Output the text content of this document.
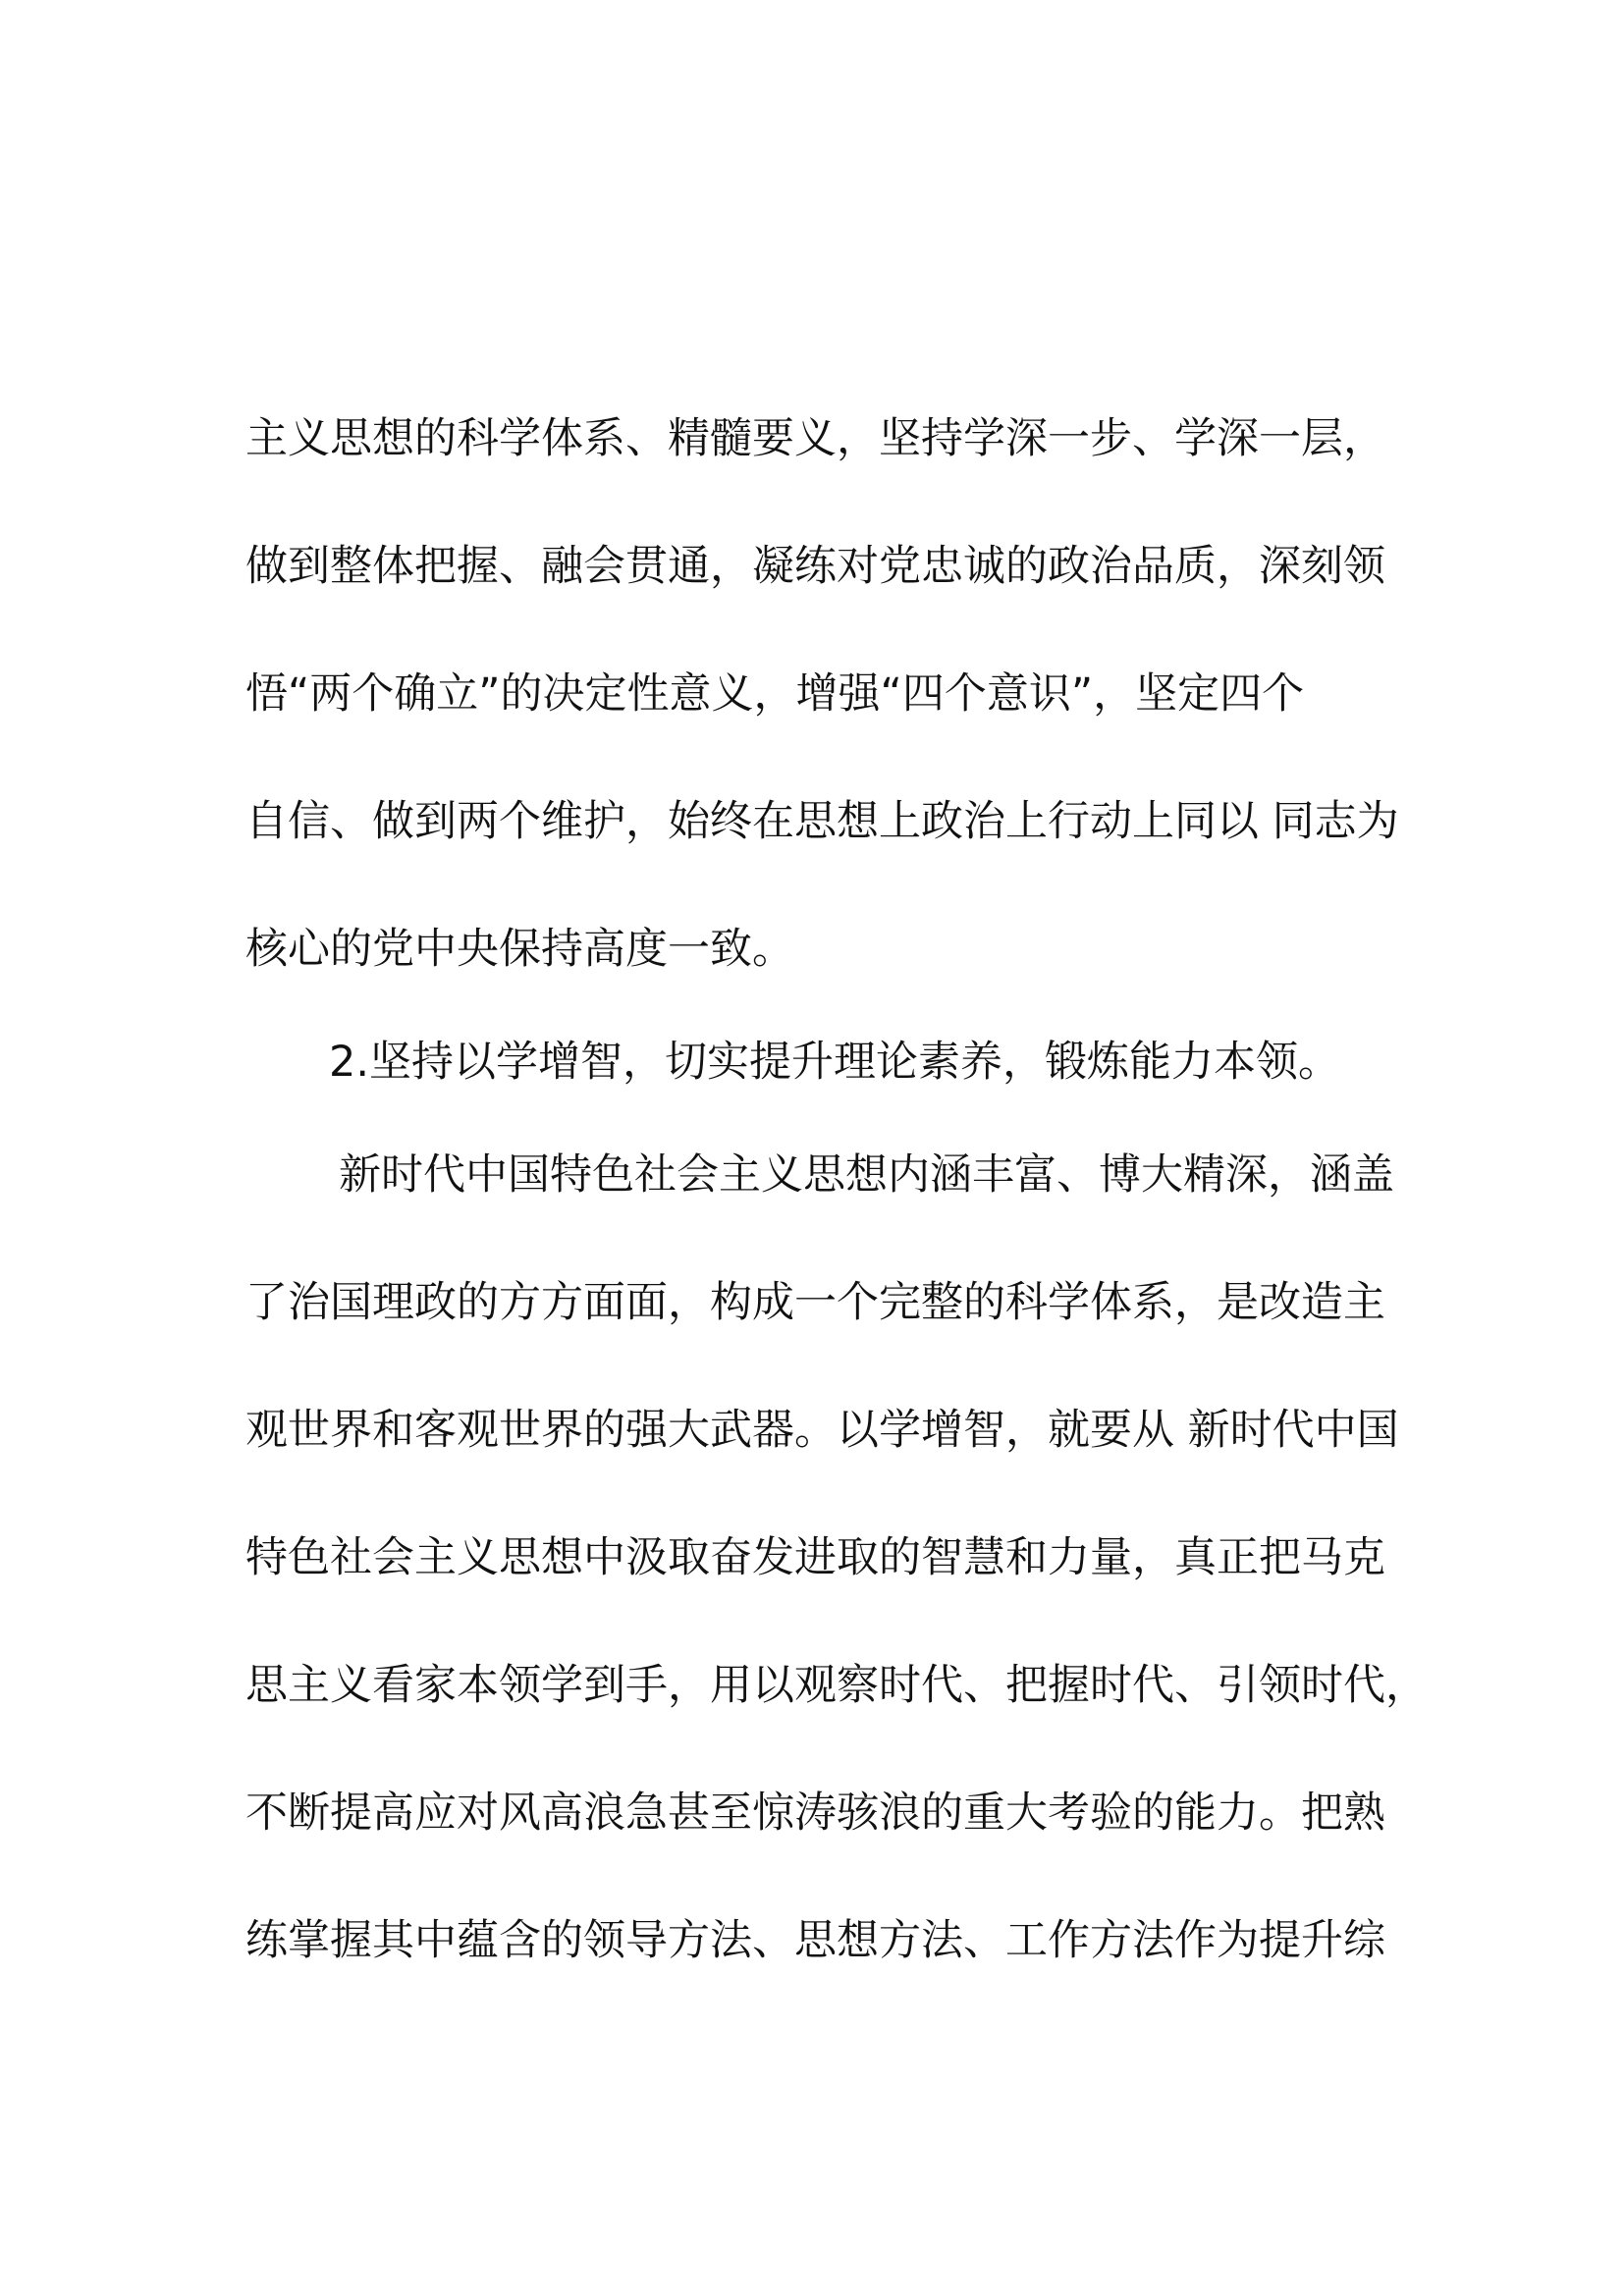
主义思想的科学体系、精髓要义，坚持学深一步、学深一层，
做到整体把握、融会贯通，凝练对党忠诚的政治品质，深刻领
悟“两个确立”的决定性意义，增强“四个意识”，坚定四个
自信、做到两个维护，始终在思想上政治上行动上同以 同志为
核心的党中央保持高度一致。
2.坚持以学增智，切实提升理论素养，锻炼能力本领。
新时代中国特色社会主义思想内涵丰富、博大精深，涵盖
了治国理政的方方面面，构成一个完整的科学体系，是改造主
观世界和客观世界的强大武器。以学增智，就要从 新时代中国
特色社会主义思想中汲取奋发进取的智慧和力量，真正把马克
思主义看家本领学到手，用以观察时代、把握时代、引领时代，
不断提高应对风高浪急甚至惊涛骇浪的重大考验的能力。把熟
练掌握其中蕴含的领导方法、思想方法、工作方法作为提升综
